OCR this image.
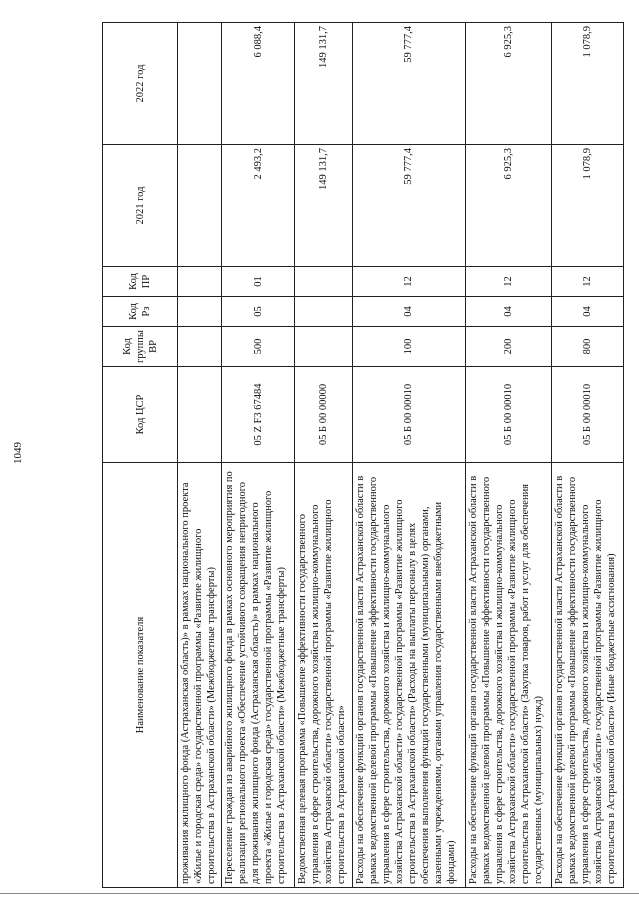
1049
Наименование показателя	Код ЦСР	Код группы ВР	Код Рз	Код ПР	2021 год	2022 год
проживания жилищного фонда (Астраханская область)» в рамках национального проекта «Жилье и городская среда» государственной программы «Развитие жилищного строительства в Астраханской области» (Межбюджетные трансферты)						
Переселение граждан из аварийного жилищного фонда в рамках основного мероприятия по реализации регионального проекта «Обеспечение устойчивого сокращения непригодного для проживания жилищного фонда (Астраханская область)» в рамках национального проекта «Жилье и городская среда» государственной программы «Развитие жилищного строительства в Астраханской области» (Межбюджетные трансферты)	05 Z F3 67484	500	05	01	2 493,2	6 088,4
Ведомственная целевая программа «Повышение эффективности государственного управления в сфере строительства, дорожного хозяйства и жилищно-коммунального хозяйства Астраханской области» государственной программы «Развитие жилищного строительства в Астраханской области»	05 Б 00 00000				149 131,7	149 131,7
Расходы на обеспечение функций органов государственной власти Астраханской области в рамках ведомственной целевой программы «Повышение эффективности государственного управления в сфере строительства, дорожного хозяйства и жилищно-коммунального хозяйства Астраханской области» государственной программы «Развитие жилищного строительства в Астраханской области» (Расходы на выплаты персоналу в целях обеспечения выполнения функций государственными (муниципальными) органами, казенными учреждениями, органами управления государственными внебюджетными фондами)	05 Б 00 00010	100	04	12	59 777,4	59 777,4
Расходы на обеспечение функций органов государственной власти Астраханской области в рамках ведомственной целевой программы «Повышение эффективности государственного управления в сфере строительства, дорожного хозяйства и жилищно-коммунального хозяйства Астраханской области» государственной программы «Развитие жилищного строительства в Астраханской области» (Закупка товаров, работ и услуг для обеспечения государственных (муниципальных) нужд)	05 Б 00 00010	200	04	12	6 925,3	6 925,3
Расходы на обеспечение функций органов государственной власти Астраханской области в рамках ведомственной целевой программы «Повышение эффективности государственного управления в сфере строительства, дорожного хозяйства и жилищно-коммунального хозяйства Астраханской области» государственной программы «Развитие жилищного строительства в Астраханской области» (Иные бюджетные ассигнования)	05 Б 00 00010	800	04	12	1 078,9	1 078,9
